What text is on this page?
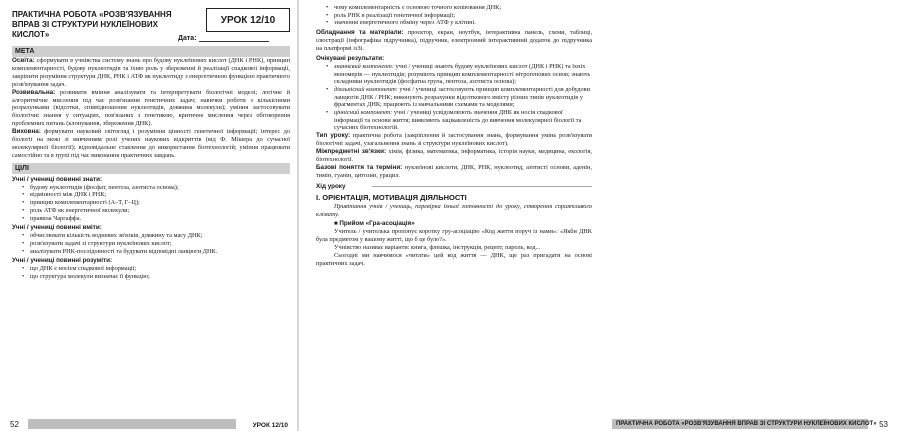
ПРАКТИЧНА РОБОТА «РОЗВ'ЯЗУВАННЯ ВПРАВ ЗІ СТРУКТУРИ НУКЛЕЇНОВИХ КИСЛОТ»
УРОК 12/10
Дата:
МЕТА

Освіта: сформувати в учнівства систему знань про будову нуклеїнових кислот (ДНК і РНК), принцип комплементарності, будову нуклеотидів та їхню роль у збереженні й реалізації спадкової інформації, закріпити розуміння структури ДНК, РНК і АТФ як нуклеотиду з енергетичною функцією практичного розв'язування задач.

Розвивальна: розвивати вміння аналізувати та інтерпретувати біологічні моделі; логічне й алгоритмічне мислення під час розв'язання генетичних задач; навички роботи з кількісними розрахунками (відсотки, співвідношення нуклеотидів, довжина молекули); уміння застосовувати біологічні знання у ситуаціях, пов'язаних з генетикою, критичне мислення через обговорення проблемних питань (клонування, збереження ДНК).

Виховна: формувати науковий світогляд і розуміння цінності генетичної інформації; інтерес до біології на межі зі вивченням ролі учених наукових відкриттів (від Ф. Мішера до сучасної молекулярної біології); відповідальне ставлення до використання біотехнологій; уміння працювати самостійно та в групі під час виконання практичних завдань.

ЦІЛІ
Учні / учениці повинні знати:
• будову нуклеотидів (фосфат, пентоза, азотиста основа);
• відмінності між ДНК і РНК;
• принцип комплементарності (А–Т, Г–Ц);
• роль АТФ як енергетичної молекули;
• правила Чаргаффа.
Учні / учениці повинні вміти:
• обчислювати кількість водневих зв'язків, довжину та масу ДНК;
• розв'язувати задачі зі структури нуклеїнових кислот;
• аналізувати РНК-послідовності та будувати відповідні ланцюги ДНК.
Учні / учениці повинні розуміти:
• що ДНК є носієм спадкової інформації;
• що структура молекули визначає її функцію;
52	УРОК 12/10
• чому комплементарність є основою точного копіювання ДНК;
• роль РНК в реалізації генетичної інформації;
• значення енергетичного обміну через АТФ у клітині.

Обладнання та матеріали: проєктор, екран, ноутбук, інтерактивна панель, схеми, таблиці, ілюстрації (інфографіка підручника), підручник, електронний інтерактивний додаток до підручника на платформі ізЗі.

Очікувані результати:
• знаннєвий компонент: учні / учениці знають будову нуклеїнових кислот (ДНК і РНК) та їхніх мономерів — нуклеотидів; розуміють принцип комплементарності нітрогенових основ; знають складники нуклеотидів (фосфатна група, пентоза, азотиста основа);
• діяльнісний компонент: учні / учениці застосовують принцип комплементарності для добудови ланцюгів ДНК / РНК; виконують розрахунки відсоткового вмісту різних типів нуклеотидів у фрагментах ДНК; працюють із навчальними схемами та моделями;
• ціннісний компонент: учні / учениці усвідомлюють значення ДНК як носія спадкової інформації та основи життя; виявляють зацікавленість до вивчення молекулярної біології та сучасних біотехнологій.

Тип уроку: практична робота (закріплення й застосування знань, формування умінь розв'язувати біологічні задачі, узагальнення знань зі структури нуклеїнових кислот).

Міжпредметні зв'язки: хімія, фізика, математика, інформатика, історія науки, медицина, екологія, біотехнології.

Базові поняття та терміни: нуклеїнові кислоти, ДНК, РНК, нуклеотид, азотисті основи, аденін, тимін, гуанін, цитозин, урацил.

Хід уроку
I. ОРІЄНТАЦІЯ, МОТИВАЦІЯ ДІЯЛЬНОСТІ

Привітання учнів / учениць, перевірка їхньої готовності до уроку, створення сприятливого клімату.

■ Прийом «Гра-асоціація»

Учитель / учителька пропонує коротку гру-асоціацію «Код життя поруч із нами»: «Якби ДНК була предметом у вашому житті, що б це було?».

Учнівство називає варіанти: книга, флешка, інструкція, рецепт, пароль, код...

Сьогодні ми навчимося «читати» цей код життя — ДНК, ще раз пригадати на основі практичних задач.

ПРАКТИЧНА РОБОТА «РОЗВ'ЯЗУВАННЯ ВПРАВ ЗІ СТРУКТУРИ НУКЛЕЇНОВИХ КИСЛОТ» 53
